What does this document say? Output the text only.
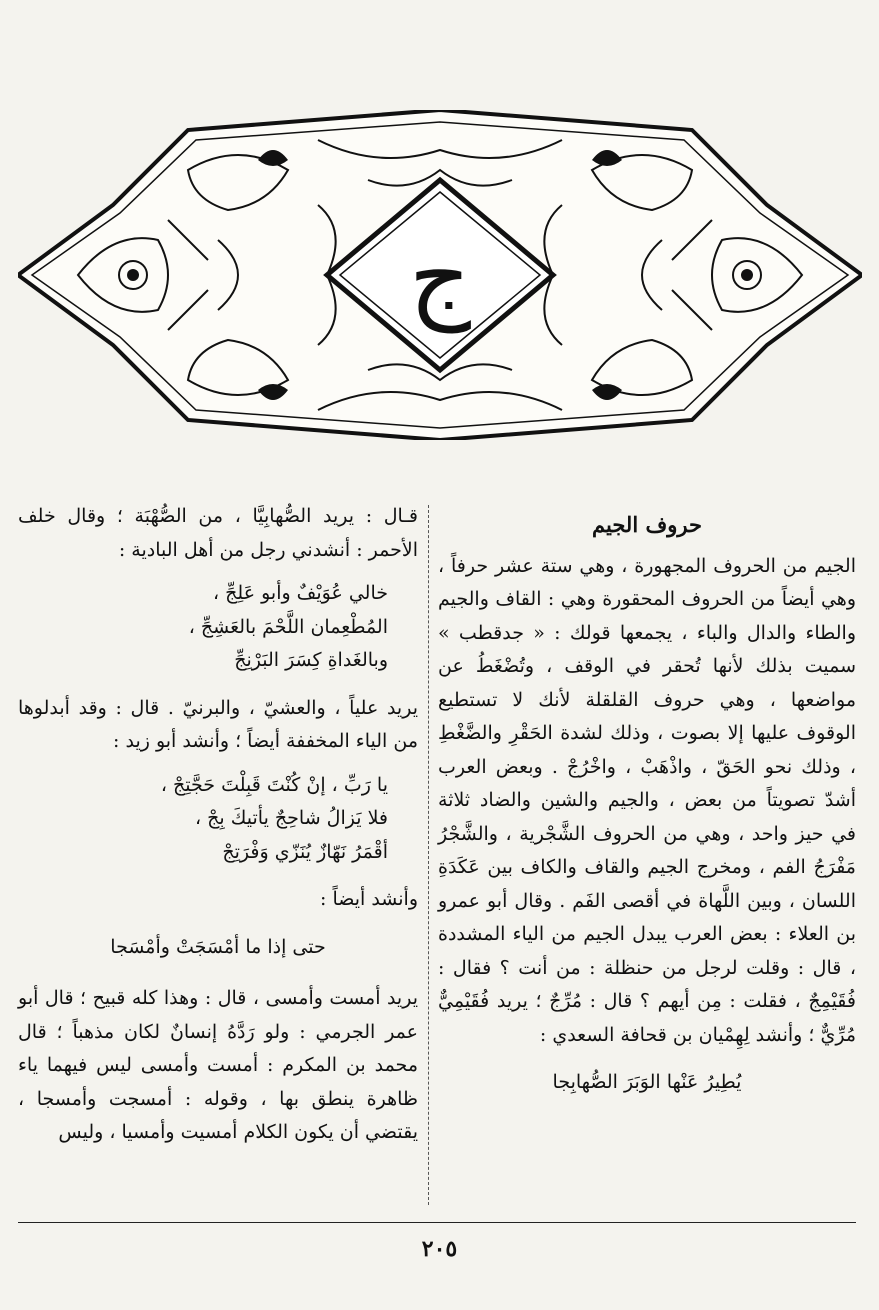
ج
حروف الجيم

الجيم من الحروف المجهورة ، وهي ستة عشر حرفاً ، وهي أيضاً من الحروف المحقورة وهي : القاف والجيم والطاء والدال والباء ، يجمعها قولك : « جدقطب » سميت بذلك لأنها تُحقر في الوقف ، وتُضْغَطُ عن مواضعها ، وهي حروف القلقلة لأنك لا تستطيع الوقوف عليها إلا بصوت ، وذلك لشدة الحَقْرِ والضَّغْطِ ، وذلك نحو الحَقّ ، واذْهَبْ ، واخْرُجْ . وبعض العرب أشدّ تصويتاً من بعض ، والجيم والشين والضاد ثلاثة في حيز واحد ، وهي من الحروف الشَّجْرية ، والشَّجْرُ مَفْرَجُ الفم ، ومخرج الجيم والقاف والكاف بين عَكَدَةِ اللسان ، وبين اللَّهاة في أقصى الفَم . وقال أبو عمرو بن العلاء : بعض العرب يبدل الجيم من الياء المشددة ، قال : وقلت لرجل من حنظلة : من أنت ؟ فقال : فُقَيْمِجٌ ، فقلت : مِن أيهم ؟ قال : مُرِّجٌ ؛ يريد فُقَيْمِيٌّ مُرِّيٌّ ؛ وأنشد لِهِمْيان بن قحافة السعدي :

يُطِيرُ عَنْها الوَبَرَ الصُّهابِجا

قـال : يريد الصُّهابِيَّا ، من الصُّهْبَة ؛ وقال خلف الأحمر : أنشدني رجل من أهل البادية :

خالي عُوَيْفٌ وأبو عَلِجِّ ،
المُطْعِمان اللَّحْمَ بالعَشِجِّ ،
وبالغَداةِ كِسَرَ البَرْنِجِّ

يريد علياً ، والعشيّ ، والبرنيّ . قال : وقد أبدلوها من الياء المخففة أيضاً ؛ وأنشد أبو زيد :

يا رَبِّ ، إنْ كُنْتَ قَبِلْتَ حَجَّتِجْ ،
فلا يَزالُ شاحِجٌ يأتيكَ بِجْ ،
أقْمَرُ نَهّازٌ يُنَزّي وَفْرَتِجْ

وأنشد أيضاً :

حتى إذا ما أمْسَجَتْ وأمْسَجا

يريد أمست وأمسى ، قال : وهذا كله قبيح ؛ قال أبو عمر الجرمي : ولو رَدَّهُ إنسانٌ لكان مذهباً ؛ قال محمد بن المكرم : أمست وأمسى ليس فيهما ياء ظاهرة ينطق بها ، وقوله : أمسجت وأمسجا ، يقتضي أن يكون الكلام أمسيت وأمسيا ، وليس

٢٠٥
